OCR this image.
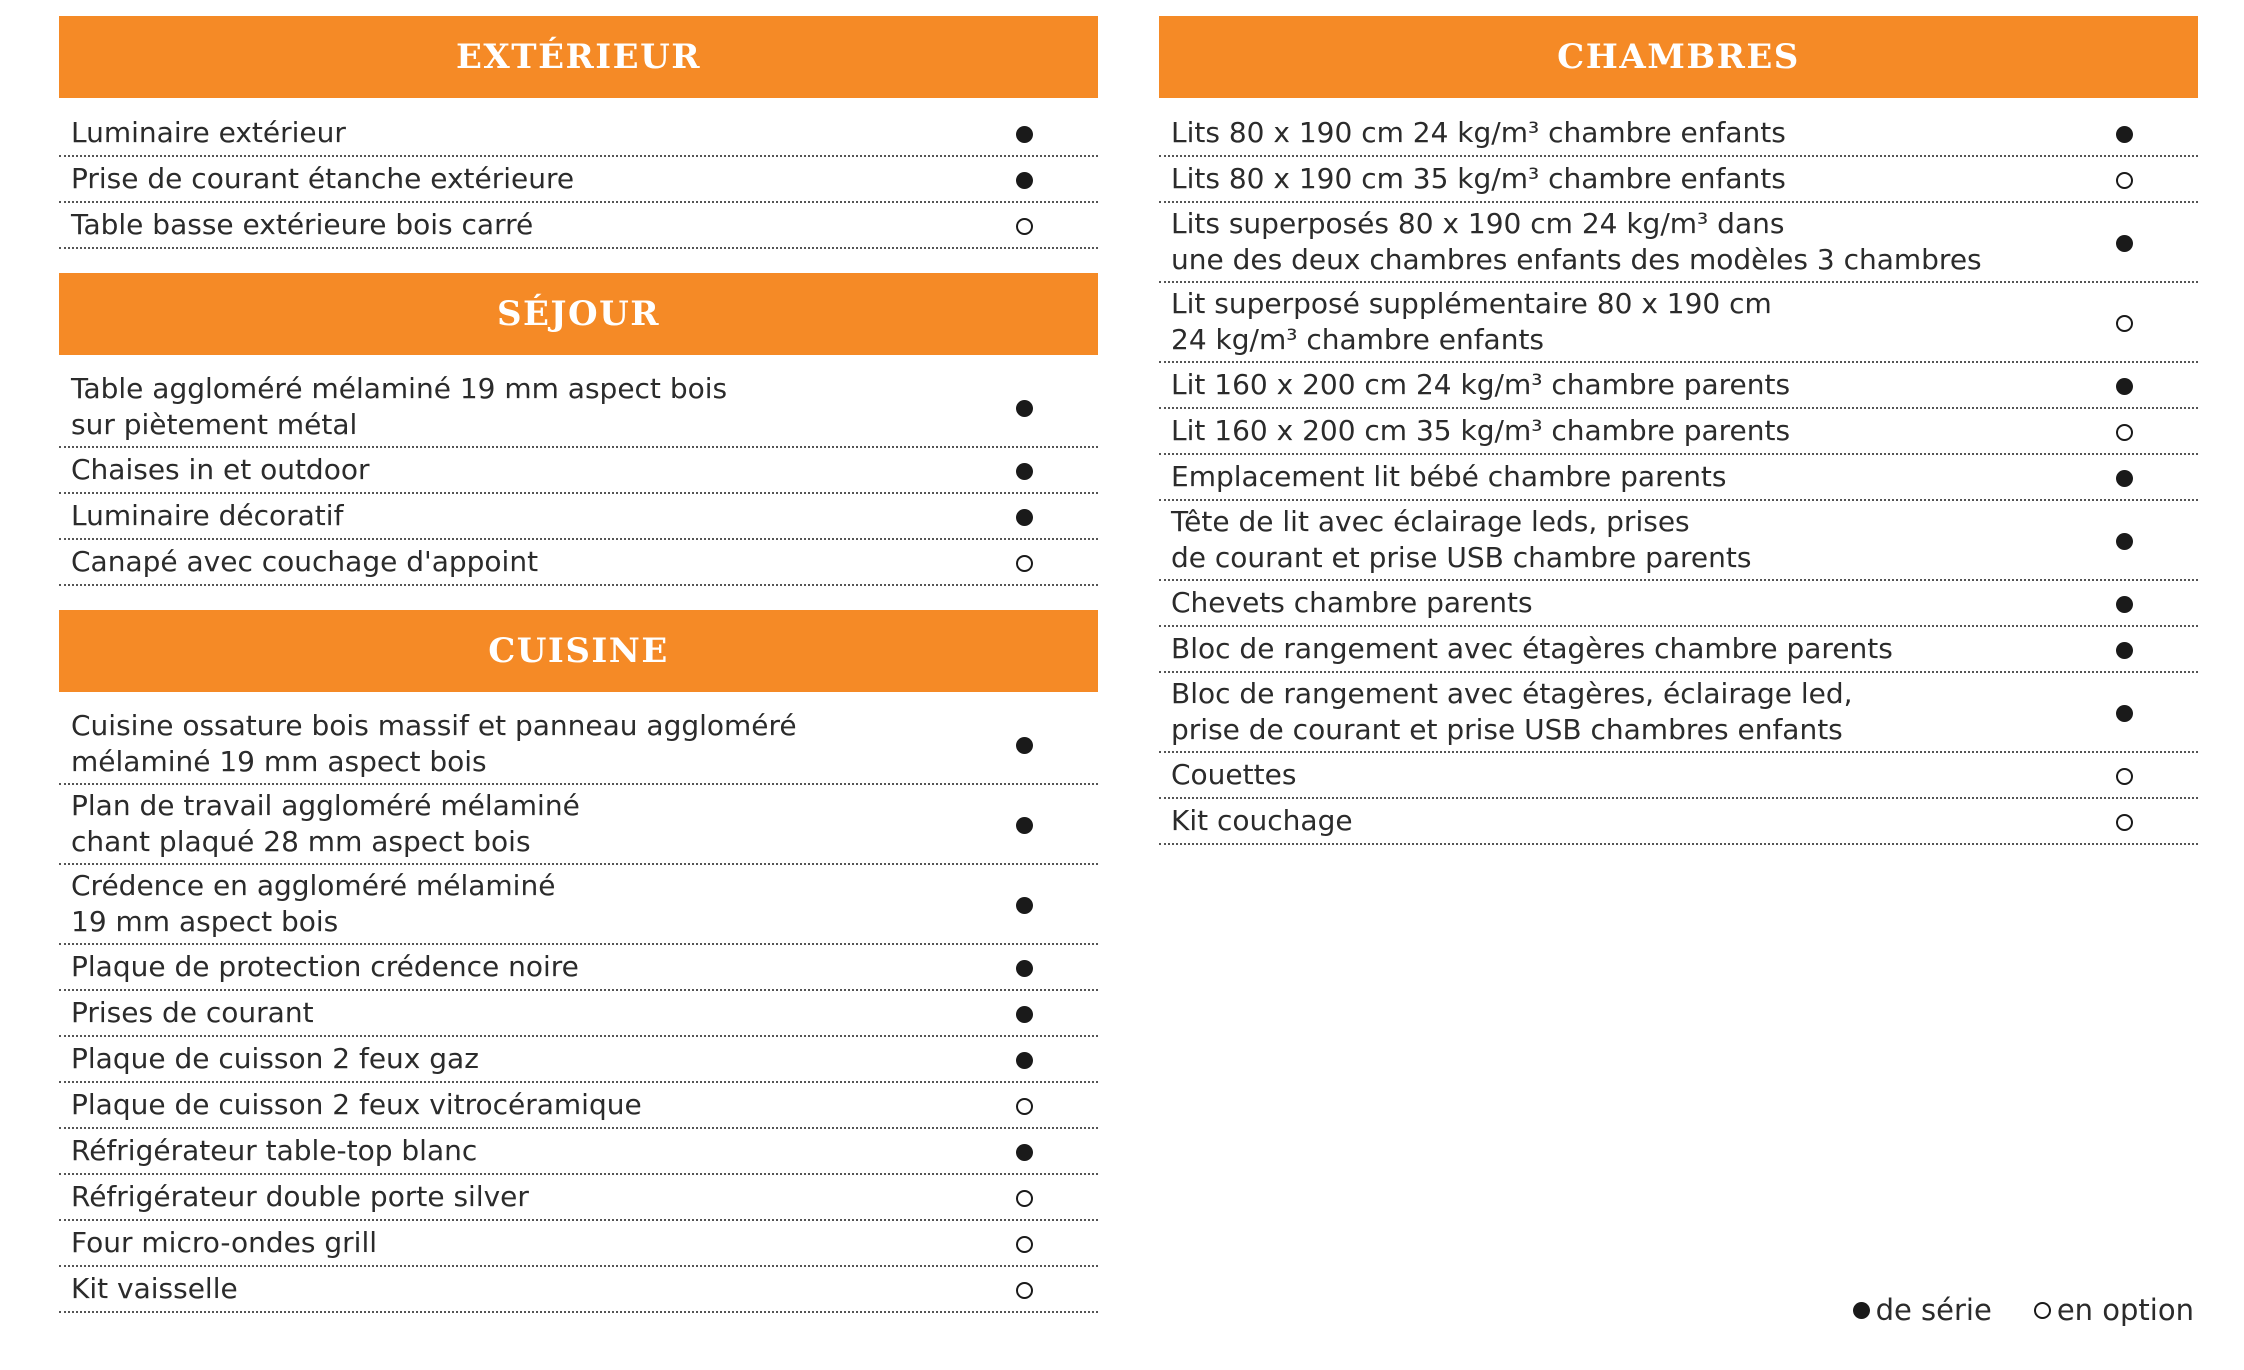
EXTÉRIEUR
Luminaire extérieur
Prise de courant étanche extérieure
Table basse extérieure bois carré
SÉJOUR
Table aggloméré mélaminé 19 mm aspect bois
sur piètement métal
Chaises in et outdoor
Luminaire décoratif
Canapé avec couchage d'appoint
CUISINE
Cuisine ossature bois massif et panneau aggloméré
mélaminé 19 mm aspect bois
Plan de travail aggloméré mélaminé
chant plaqué 28 mm aspect bois
Crédence en aggloméré mélaminé
19 mm aspect bois
Plaque de protection crédence noire
Prises de courant
Plaque de cuisson 2 feux gaz
Plaque de cuisson 2 feux vitrocéramique
Réfrigérateur table-top blanc
Réfrigérateur double porte silver
Four micro-ondes grill
Kit vaisselle
CHAMBRES
Lits 80 x 190 cm 24 kg/m³ chambre enfants
Lits 80 x 190 cm 35 kg/m³ chambre enfants
Lits superposés 80 x 190 cm 24 kg/m³ dans
une des deux chambres enfants des modèles 3 chambres
Lit superposé supplémentaire 80 x 190 cm
24 kg/m³ chambre enfants
Lit 160 x 200 cm 24 kg/m³ chambre parents
Lit 160 x 200 cm 35 kg/m³ chambre parents
Emplacement lit bébé chambre parents
Tête de lit avec éclairage leds, prises
de courant et prise USB chambre parents
Chevets chambre parents
Bloc de rangement avec étagères chambre parents
Bloc de rangement avec étagères, éclairage led,
prise de courant et prise USB chambres enfants
Couettes
Kit couchage
de série en option
